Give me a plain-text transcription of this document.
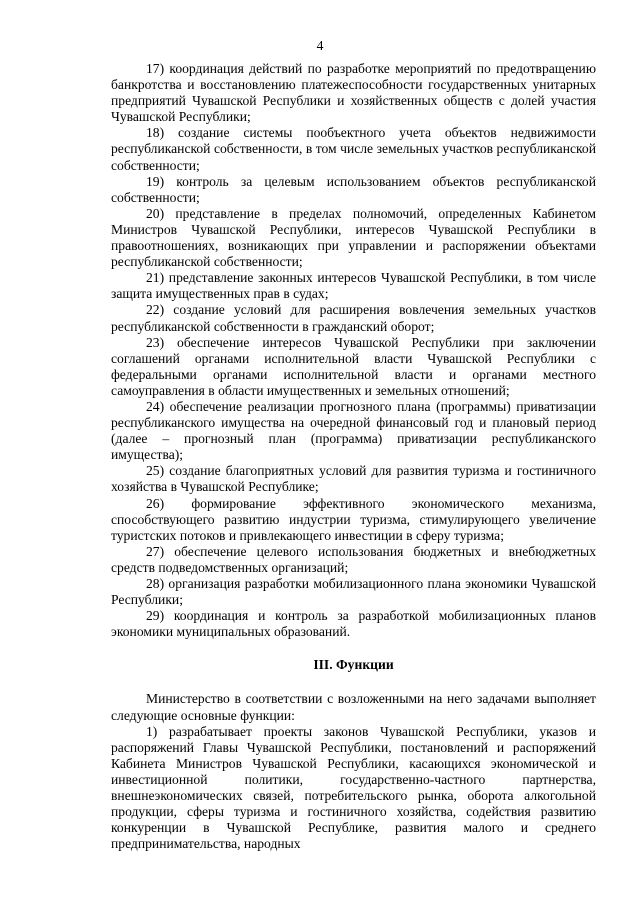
4

17) координация действий по разработке мероприятий по предотвращению банкротства и восстановлению платежеспособности государственных унитарных предприятий Чувашской Республики и хозяйственных обществ с долей участия Чувашской Республики;

18) создание системы пообъектного учета объектов недвижимости республиканской собственности, в том числе земельных участков республиканской собственности;

19) контроль за целевым использованием объектов республиканской собственности;

20) представление в пределах полномочий, определенных Кабинетом Министров Чувашской Республики, интересов Чувашской Республики в правоотношениях, возникающих при управлении и распоряжении объектами республиканской собственности;

21) представление законных интересов Чувашской Республики, в том числе защита имущественных прав в судах;

22) создание условий для расширения вовлечения земельных участков республиканской собственности в гражданский оборот;

23) обеспечение интересов Чувашской Республики при заключении соглашений органами исполнительной власти Чувашской Республики с федеральными органами исполнительной власти и органами местного самоуправления в области имущественных и земельных отношений;

24) обеспечение реализации прогнозного плана (программы) приватизации республиканского имущества на очередной финансовый год и плановый период (далее – прогнозный план (программа) приватизации республиканского имущества);

25) создание благоприятных условий для развития туризма и гостиничного хозяйства в Чувашской Республике;

26) формирование эффективного экономического механизма, способствующего развитию индустрии туризма, стимулирующего увеличение туристских потоков и привлекающего инвестиции в сферу туризма;

27) обеспечение целевого использования бюджетных и внебюджетных средств подведомственных организаций;

28) организация разработки мобилизационного плана экономики Чувашской Республики;

29) координация и контроль за разработкой мобилизационных планов экономики муниципальных образований.

III. Функции

Министерство в соответствии с возложенными на него задачами выполняет следующие основные функции:

1) разрабатывает проекты законов Чувашской Республики, указов и распоряжений Главы Чувашской Республики, постановлений и распоряжений Кабинета Министров Чувашской Республики, касающихся экономической и инвестиционной политики, государственно-частного партнерства, внешнеэкономических связей, потребительского рынка, оборота алкогольной продукции, сферы туризма и гостиничного хозяйства, содействия развитию конкуренции в Чувашской Республике, развития малого и среднего предпринимательства, народных
